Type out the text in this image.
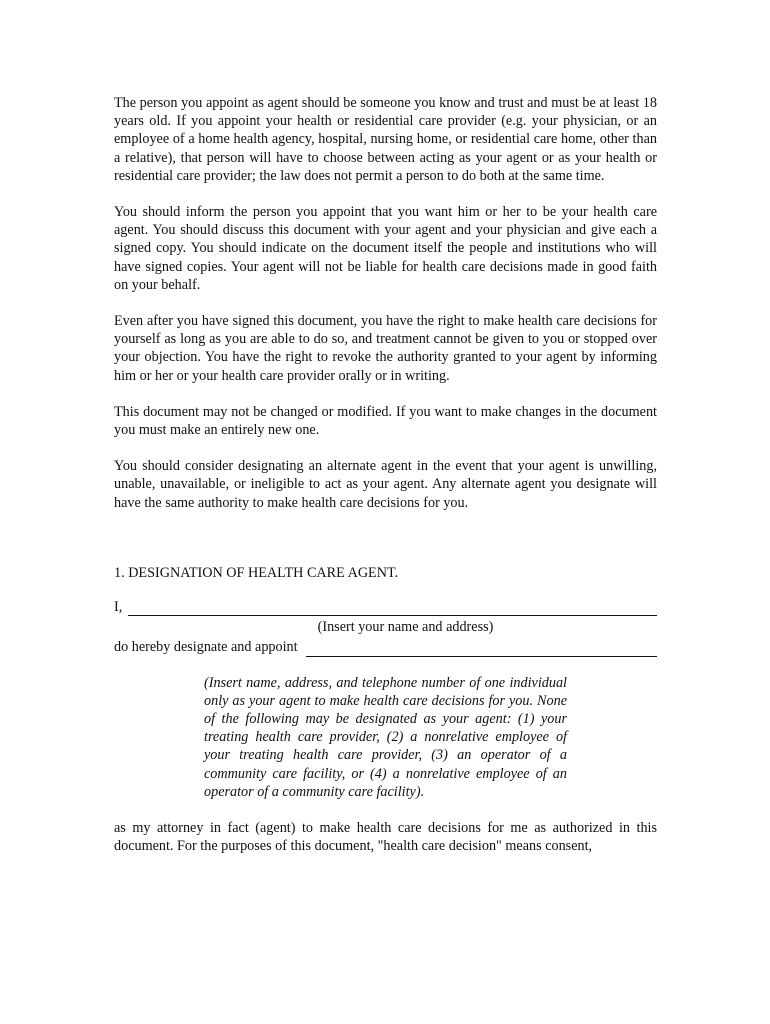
The person you appoint as agent should be someone you know and trust and must be at least 18 years old. If you appoint your health or residential care provider (e.g. your physician, or an employee of a home health agency, hospital, nursing home, or residential care home, other than a relative), that person will have to choose between acting as your agent or as your health or residential care provider; the law does not permit a person to do both at the same time.

You should inform the person you appoint that you want him or her to be your health care agent. You should discuss this document with your agent and your physician and give each a signed copy. You should indicate on the document itself the people and institutions who will have signed copies. Your agent will not be liable for health care decisions made in good faith on your behalf.

Even after you have signed this document, you have the right to make health care decisions for yourself as long as you are able to do so, and treatment cannot be given to you or stopped over your objection. You have the right to revoke the authority granted to your agent by informing him or her or your health care provider orally or in writing.

This document may not be changed or modified. If you want to make changes in the document you must make an entirely new one.

You should consider designating an alternate agent in the event that your agent is unwilling, unable, unavailable, or ineligible to act as your agent. Any alternate agent you designate will have the same authority to make health care decisions for you.

1. DESIGNATION OF HEALTH CARE AGENT.
I,
(Insert your name and address)
do hereby designate and appoint

(Insert name, address, and telephone number of one individual only as your agent to make health care decisions for you. None of the following may be designated as your agent: (1) your treating health care provider, (2) a nonrelative employee of your treating health care provider, (3) an operator of a community care facility, or (4) a nonrelative employee of an operator of a community care facility).

as my attorney in fact (agent) to make health care decisions for me as authorized in this document. For the purposes of this document, "health care decision" means consent,
